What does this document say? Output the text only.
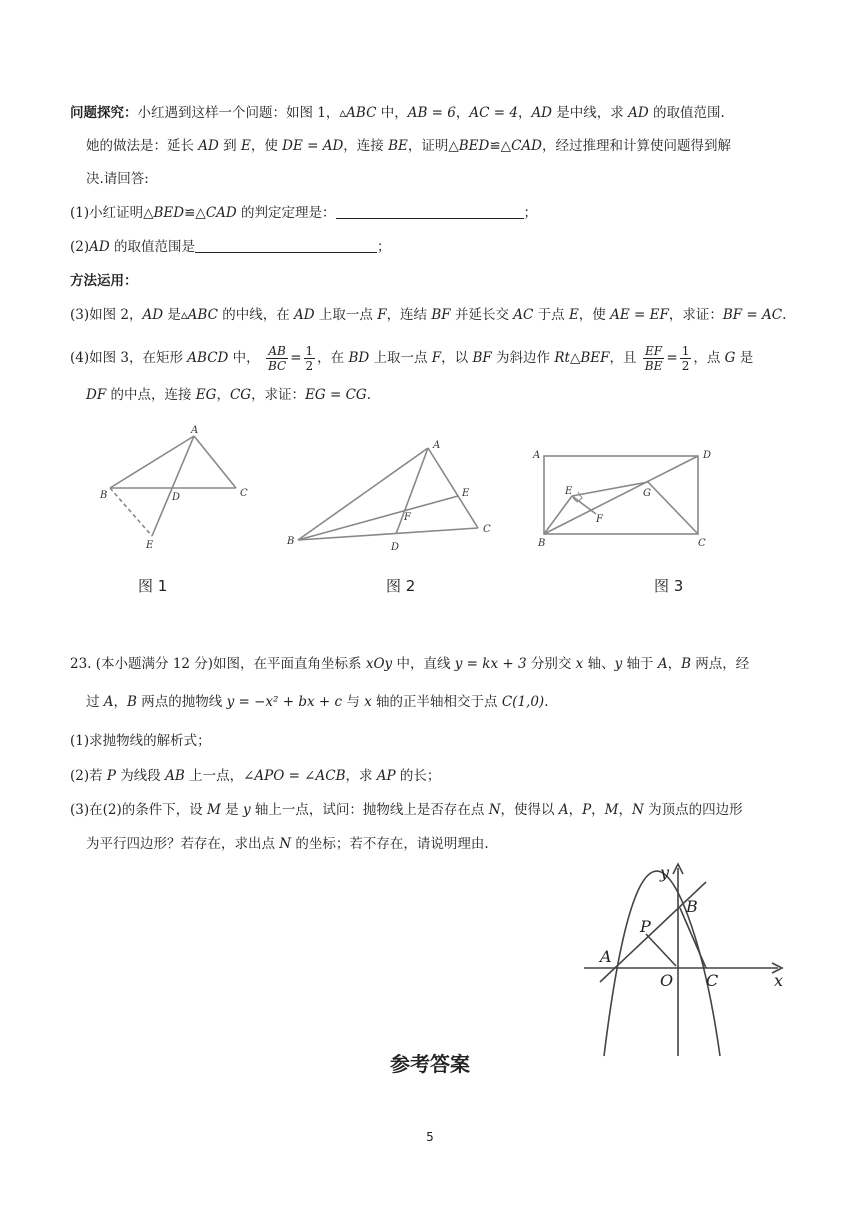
问题探究：小红遇到这样一个问题：如图 1，▵ABC 中，AB = 6，AC = 4，AD 是中线，求 AD 的取值范围.
她的做法是：延长 AD 到 E，使 DE = AD，连接 BE，证明△BED≌△CAD，经过推理和计算使问题得到解
决.请回答:
(1)小红证明△BED≌△CAD 的判定定理是：	；
(2)AD 的取值范围是	；
方法运用：
(3)如图 2，AD 是▵ABC 的中线，在 AD 上取一点 F，连结 BF 并延长交 AC 于点 E，使 AE = EF，求证：BF = AC.
(4)如图 3，在矩形 ABCD 中， $\frac{AB}{BC} = \frac{1}{2}$ ，在 BD 上取一点 F，以 BF 为斜边作 Rt△BEF，且 $\frac{EF}{BE} = \frac{1}{2}$ ，点 G 是
DF 的中点，连接 EG，CG，求证：EG = CG.
A
B	C
D
E
A
B
C
D
E
F
A	D
B	C
E
F
G
图 1	图 2	图 3
23. (本小题满分 12 分)如图，在平面直角坐标系 xOy 中，直线 y = kx + 3 分别交 x 轴、y 轴于 A，B 两点，经
过 A，B 两点的抛物线 y = −x² + bx + c 与 x 轴的正半轴相交于点 C(1,0).
(1)求抛物线的解析式；
(2)若 P 为线段 AB 上一点，∠APO = ∠ACB，求 AP 的长；
(3)在(2)的条件下，设 M 是 y 轴上一点，试问：抛物线上是否存在点 N，使得以 A，P，M，N 为顶点的四边形
为平行四边形？若存在，求出点 N 的坐标；若不存在，请说明理由.
A
B
C
O
P
x
y
参考答案
5
